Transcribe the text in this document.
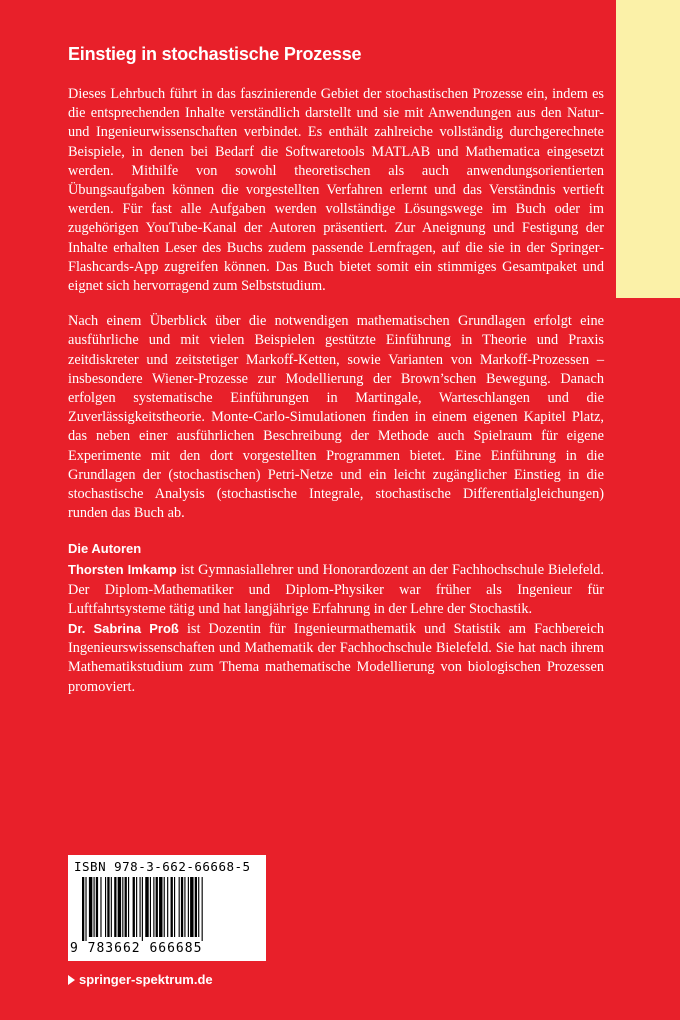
Einstieg in stochastische Prozesse

Dieses Lehrbuch führt in das faszinierende Gebiet der stochastischen Prozesse ein, indem es die entsprechenden Inhalte verständlich darstellt und sie mit Anwendungen aus den Natur- und Ingenieurwissenschaften verbindet. Es enthält zahlreiche vollständig durchgerechnete Beispiele, in denen bei Bedarf die Softwaretools MATLAB und Mathematica eingesetzt werden. Mithilfe von sowohl theoretischen als auch anwendungsorientierten Übungsaufgaben können die vorgestellten Verfahren erlernt und das Verständnis vertieft werden. Für fast alle Aufgaben werden vollständige Lösungswege im Buch oder im zugehörigen YouTube-Kanal der Autoren präsentiert. Zur Aneignung und Festigung der Inhalte erhalten Leser des Buchs zudem passende Lernfragen, auf die sie in der Springer-Flashcards-App zugreifen können. Das Buch bietet somit ein stimmiges Gesamtpaket und eignet sich hervorragend zum Selbststudium.

Nach einem Überblick über die notwendigen mathematischen Grundlagen erfolgt eine ausführliche und mit vielen Beispielen gestützte Einführung in Theorie und Praxis zeitdiskreter und zeitstetiger Markoff-Ketten, sowie Varianten von Markoff-Prozessen – insbesondere Wiener-Prozesse zur Modellierung der Brown’schen Bewegung. Danach erfolgen systematische Einführungen in Martingale, Warteschlangen und die Zuverlässigkeitstheorie. Monte-Carlo-Simulationen finden in einem eigenen Kapitel Platz, das neben einer ausführlichen Beschreibung der Methode auch Spielraum für eigene Experimente mit den dort vorgestellten Programmen bietet. Eine Einführung in die Grundlagen der (stochastischen) Petri-Netze und ein leicht zugänglicher Einstieg in die stochastische Analysis (stochastische Integrale, stochastische Differentialgleichungen) runden das Buch ab.

Die Autoren

Thorsten Imkamp ist Gymnasiallehrer und Honorardozent an der Fachhochschule Bielefeld. Der Diplom-Mathematiker und Diplom-Physiker war früher als Ingenieur für Luftfahrtsysteme tätig und hat langjährige Erfahrung in der Lehre der Stochastik.

Dr. Sabrina Proß ist Dozentin für Ingenieurmathematik und Statistik am Fachbereich Ingenieurswissenschaften und Mathematik der Fachhochschule Bielefeld. Sie hat nach ihrem Mathematikstudium zum Thema mathematische Modellierung von biologischen Prozessen promoviert.

ISBN 978-3-662-66668-5
9 783662 666685
springer-spektrum.de
